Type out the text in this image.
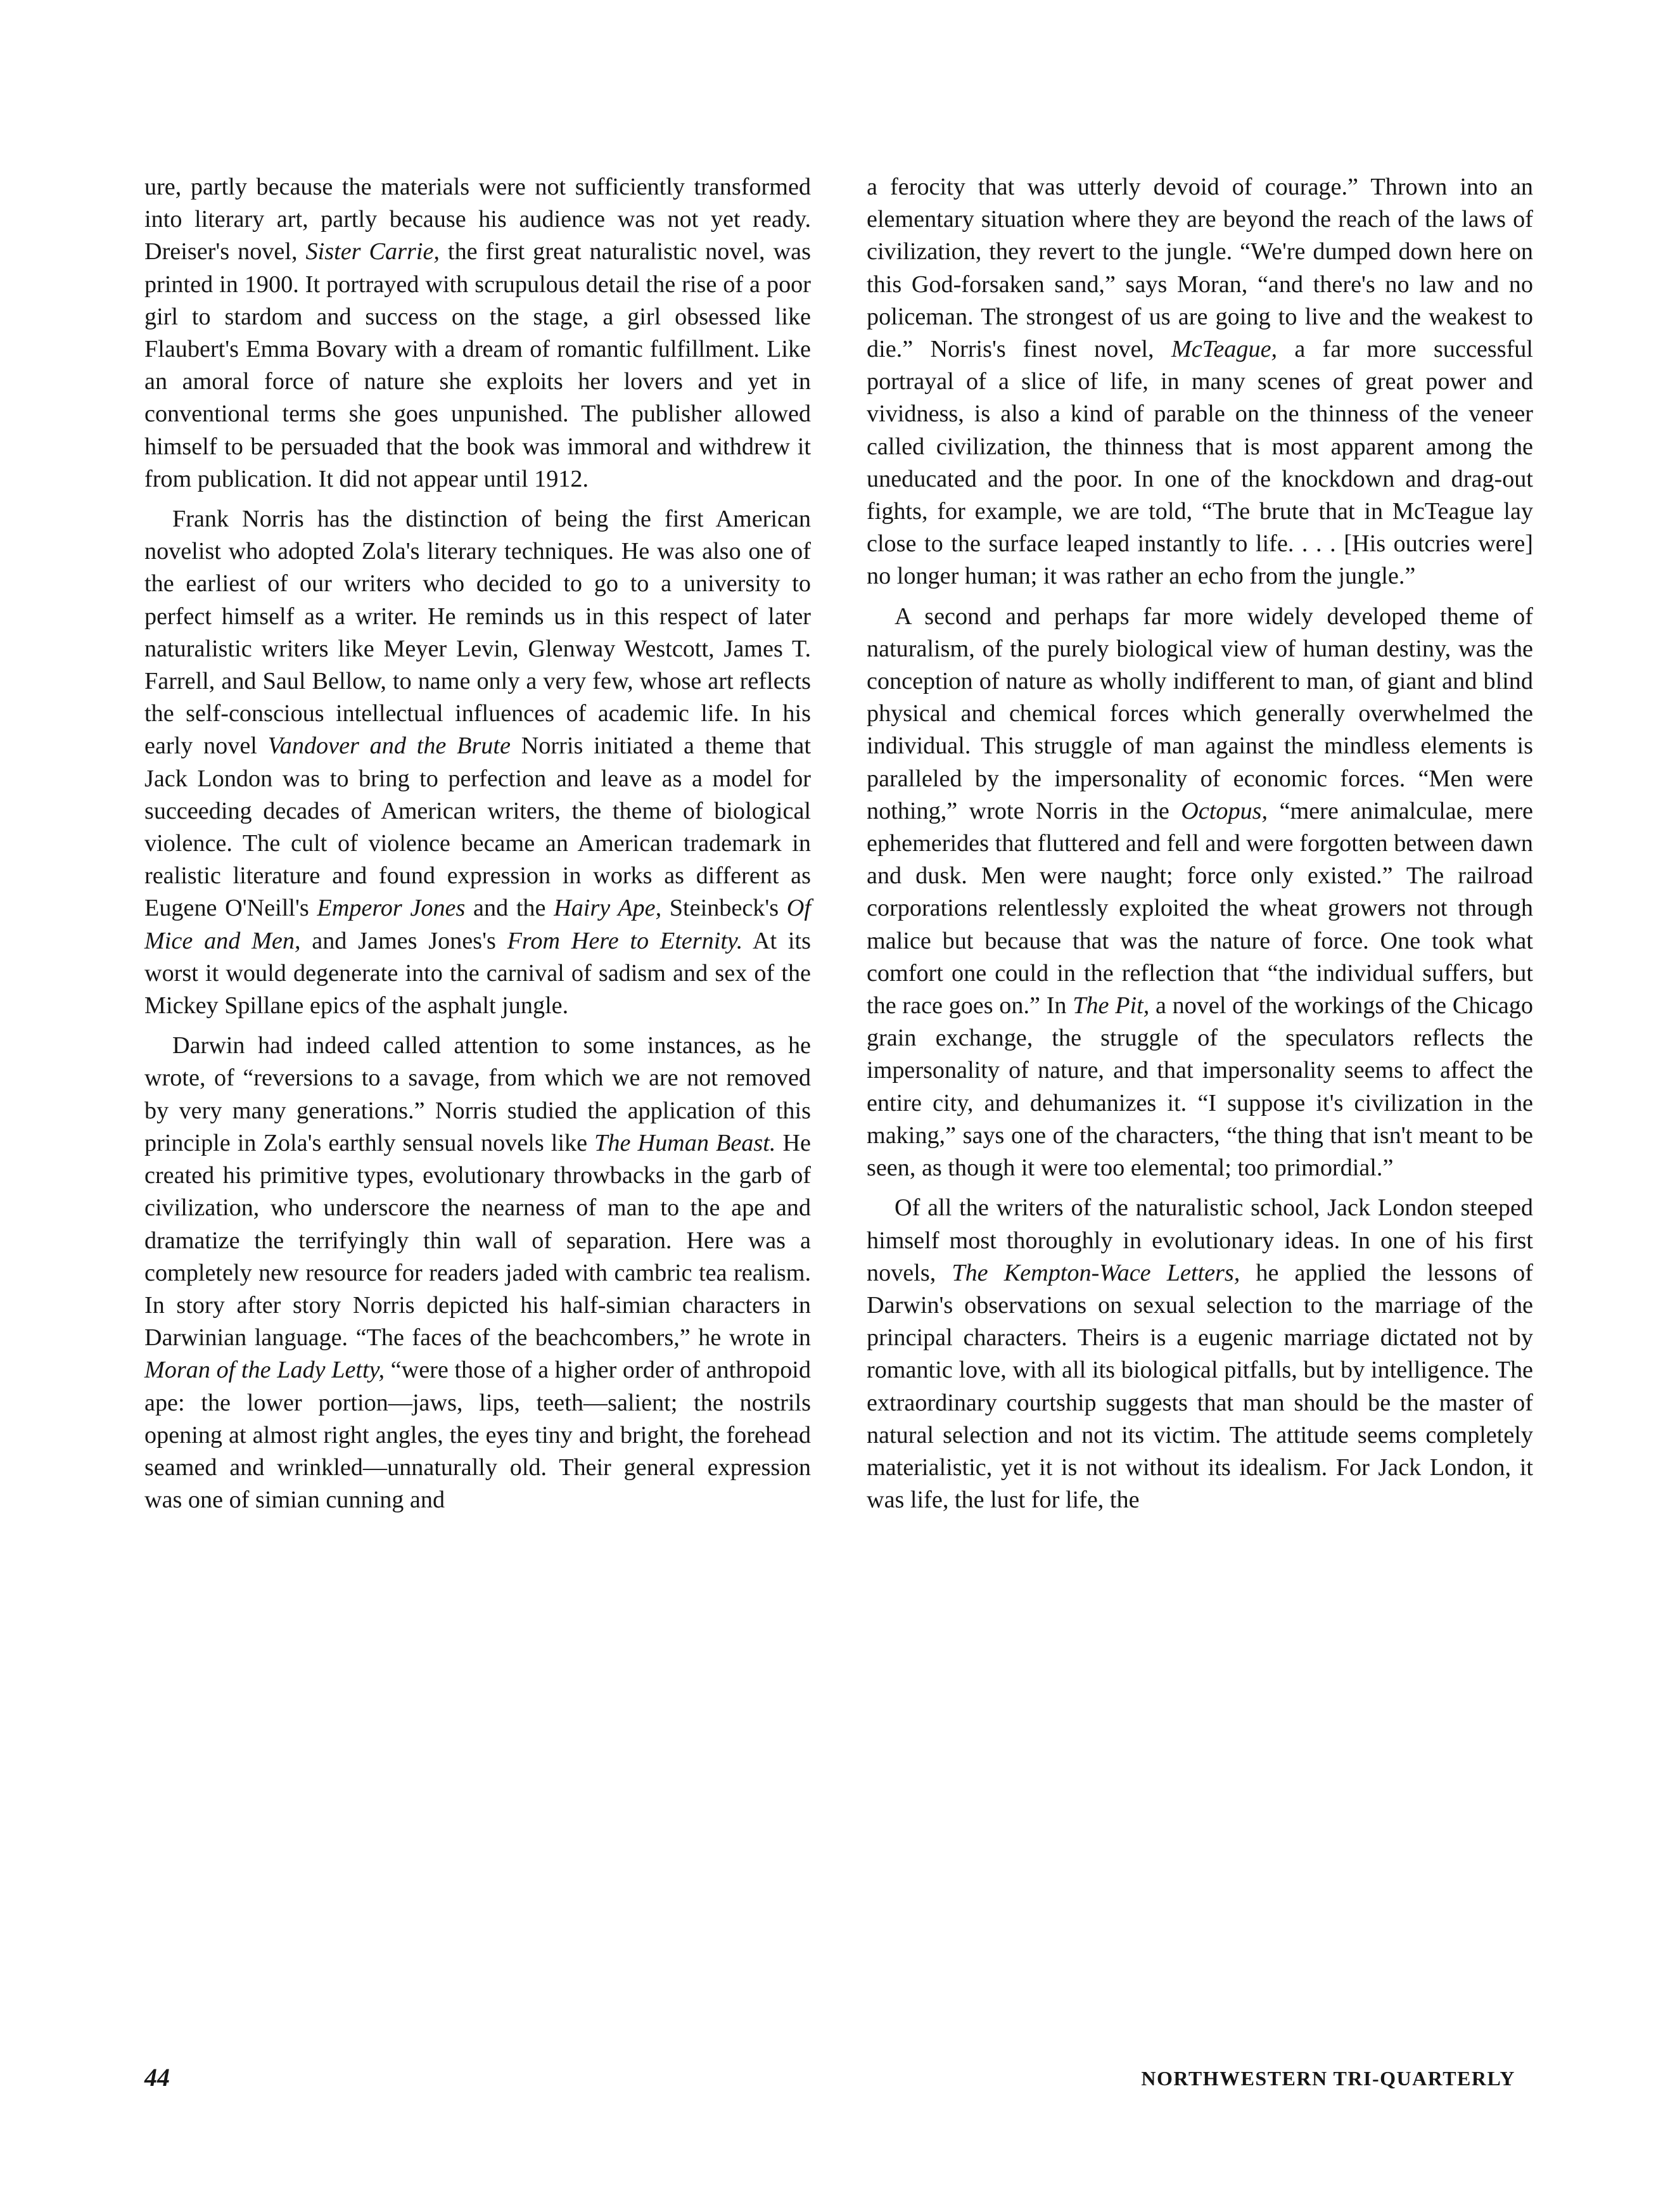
ure, partly because the materials were not sufficiently transformed into literary art, partly because his audience was not yet ready. Dreiser's novel, Sister Carrie, the first great naturalistic novel, was printed in 1900. It portrayed with scrupulous detail the rise of a poor girl to stardom and success on the stage, a girl obsessed like Flaubert's Emma Bovary with a dream of romantic fulfillment. Like an amoral force of nature she exploits her lovers and yet in conventional terms she goes unpunished. The publisher allowed himself to be persuaded that the book was immoral and withdrew it from publication. It did not appear until 1912.

Frank Norris has the distinction of being the first American novelist who adopted Zola's literary techniques. He was also one of the earliest of our writers who decided to go to a university to perfect himself as a writer. He reminds us in this respect of later naturalistic writers like Meyer Levin, Glenway Westcott, James T. Farrell, and Saul Bellow, to name only a very few, whose art reflects the self-conscious intellectual influences of academic life. In his early novel Vandover and the Brute Norris initiated a theme that Jack London was to bring to perfection and leave as a model for succeeding decades of American writers, the theme of biological violence. The cult of violence became an American trademark in realistic literature and found expression in works as different as Eugene O'Neill's Emperor Jones and the Hairy Ape, Steinbeck's Of Mice and Men, and James Jones's From Here to Eternity. At its worst it would degenerate into the carnival of sadism and sex of the Mickey Spillane epics of the asphalt jungle.

Darwin had indeed called attention to some instances, as he wrote, of “reversions to a savage, from which we are not removed by very many generations.” Norris studied the application of this principle in Zola's earthly sensual novels like The Human Beast. He created his primitive types, evolutionary throwbacks in the garb of civilization, who underscore the nearness of man to the ape and dramatize the terrifyingly thin wall of separation. Here was a completely new resource for readers jaded with cambric tea realism. In story after story Norris depicted his half-simian characters in Darwinian language. “The faces of the beachcombers,” he wrote in Moran of the Lady Letty, “were those of a higher order of anthropoid ape: the lower portion—jaws, lips, teeth—salient; the nostrils opening at almost right angles, the eyes tiny and bright, the forehead seamed and wrinkled—unnaturally old. Their general expression was one of simian cunning and

a ferocity that was utterly devoid of courage.” Thrown into an elementary situation where they are beyond the reach of the laws of civilization, they revert to the jungle. “We're dumped down here on this God-forsaken sand,” says Moran, “and there's no law and no policeman. The strongest of us are going to live and the weakest to die.” Norris's finest novel, McTeague, a far more successful portrayal of a slice of life, in many scenes of great power and vividness, is also a kind of parable on the thinness of the veneer called civilization, the thinness that is most apparent among the uneducated and the poor. In one of the knockdown and drag-out fights, for example, we are told, “The brute that in McTeague lay close to the surface leaped instantly to life. . . . [His outcries were] no longer human; it was rather an echo from the jungle.”

A second and perhaps far more widely developed theme of naturalism, of the purely biological view of human destiny, was the conception of nature as wholly indifferent to man, of giant and blind physical and chemical forces which generally overwhelmed the individual. This struggle of man against the mindless elements is paralleled by the impersonality of economic forces. “Men were nothing,” wrote Norris in the Octopus, “mere animalculae, mere ephemerides that fluttered and fell and were forgotten between dawn and dusk. Men were naught; force only existed.” The railroad corporations relentlessly exploited the wheat growers not through malice but because that was the nature of force. One took what comfort one could in the reflection that “the individual suffers, but the race goes on.” In The Pit, a novel of the workings of the Chicago grain exchange, the struggle of the speculators reflects the impersonality of nature, and that impersonality seems to affect the entire city, and dehumanizes it. “I suppose it's civilization in the making,” says one of the characters, “the thing that isn't meant to be seen, as though it were too elemental; too primordial.”

Of all the writers of the naturalistic school, Jack London steeped himself most thoroughly in evolutionary ideas. In one of his first novels, The Kempton-Wace Letters, he applied the lessons of Darwin's observations on sexual selection to the marriage of the principal characters. Theirs is a eugenic marriage dictated not by romantic love, with all its biological pitfalls, but by intelligence. The extraordinary courtship suggests that man should be the master of natural selection and not its victim. The attitude seems completely materialistic, yet it is not without its idealism. For Jack London, it was life, the lust for life, the

44	NORTHWESTERN TRI-QUARTERLY
